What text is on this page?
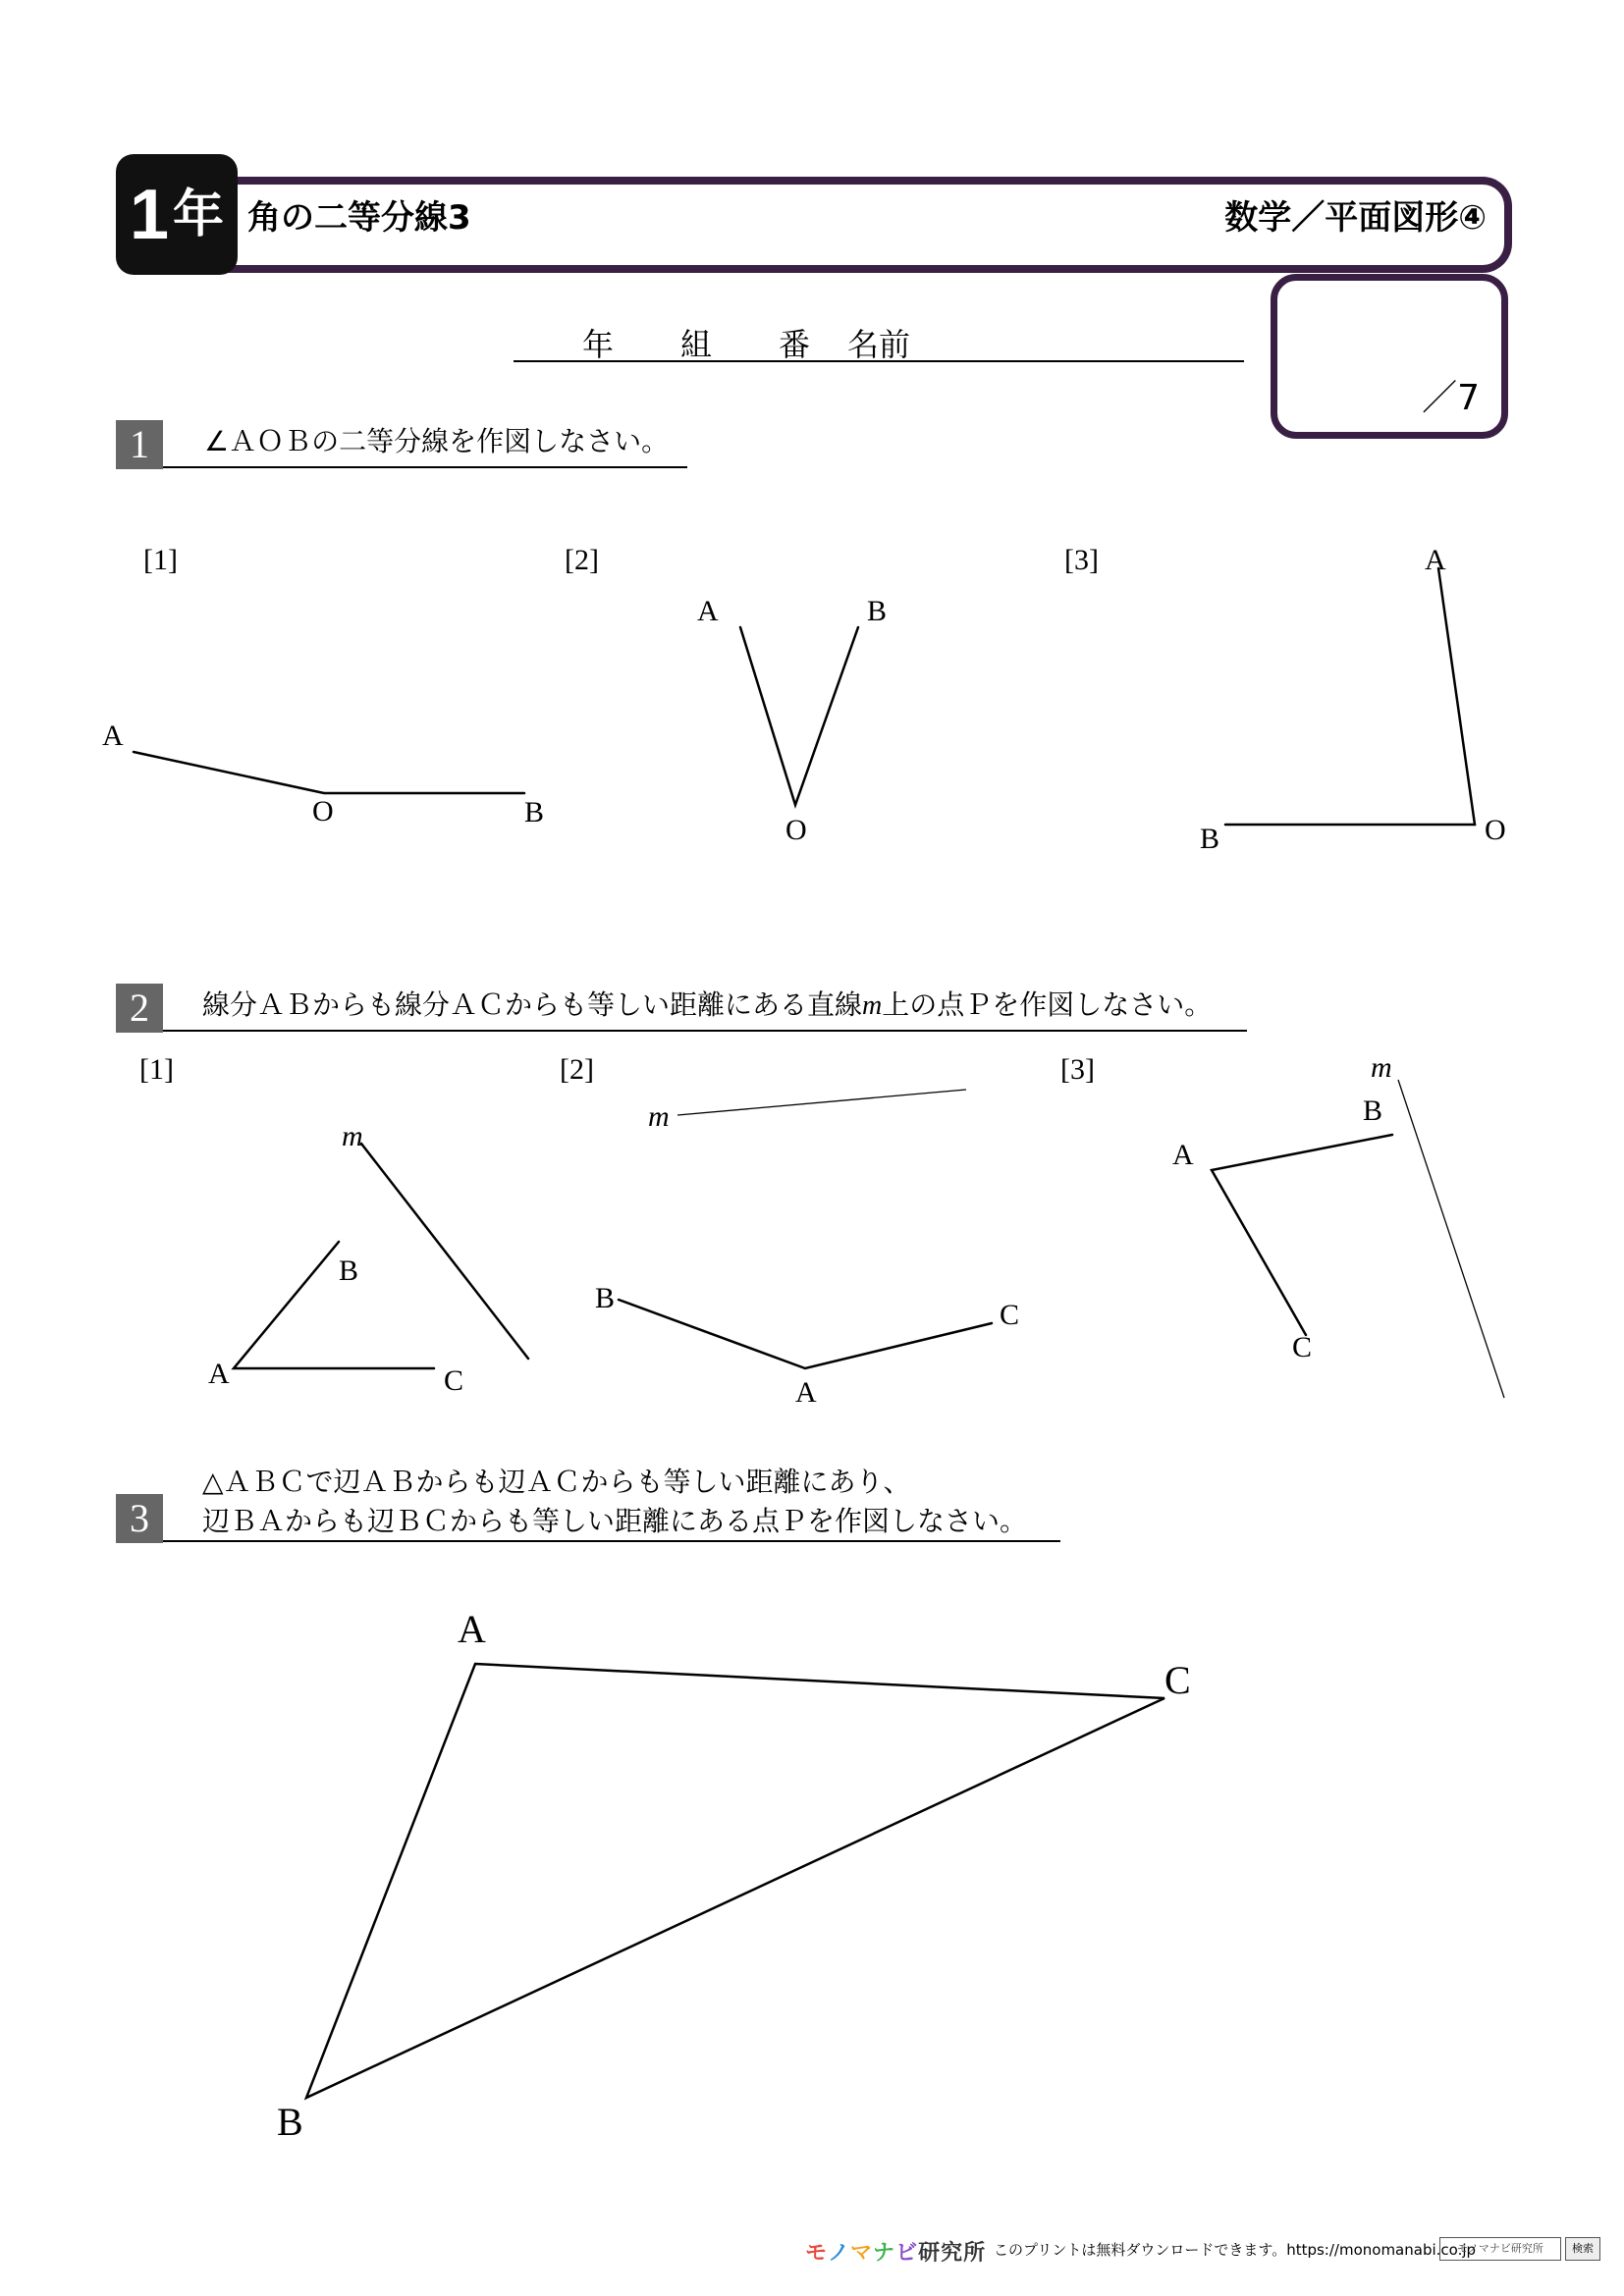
1 年 角の二等分線3	数学／平面図形④
年 組 番 名前
／7
1	∠ＡＯＢの二等分線を作図しなさい。
2	線分ＡＢからも線分ＡＣからも等しい距離にある直線m上の点Ｐを作図しなさい。
3
△ＡＢＣで辺ＡＢからも辺ＡＣからも等しい距離にあり、
辺ＢＡからも辺ＢＣからも等しい距離にある点Ｐを作図しなさい。
[1]
A
O	B
[2]
A	B
O
[3]	A
B	O
[1]
m
B
A	C
[2]
m
B
A
C
[3]	m
B
A
C
A
C
B
モノマナビ研究所 このプリントは無料ダウンロードできます。https://monomanabi.co.jp
モノマナビ研究所	検索
